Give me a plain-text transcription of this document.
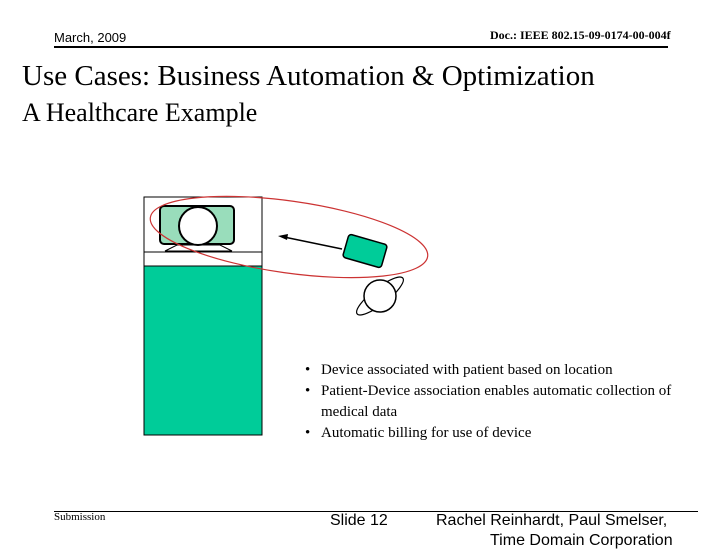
March, 2009	Doc.: IEEE 802.15-09-0174-00-004f
Use Cases: Business Automation & Optimization
A Healthcare Example
• Device associated with patient based on location
• Patient-Device association enables automatic collection of medical data
• Automatic billing for use of device
Submission	Slide 12	Rachel Reinhardt, Paul Smelser,
Time Domain Corporation
